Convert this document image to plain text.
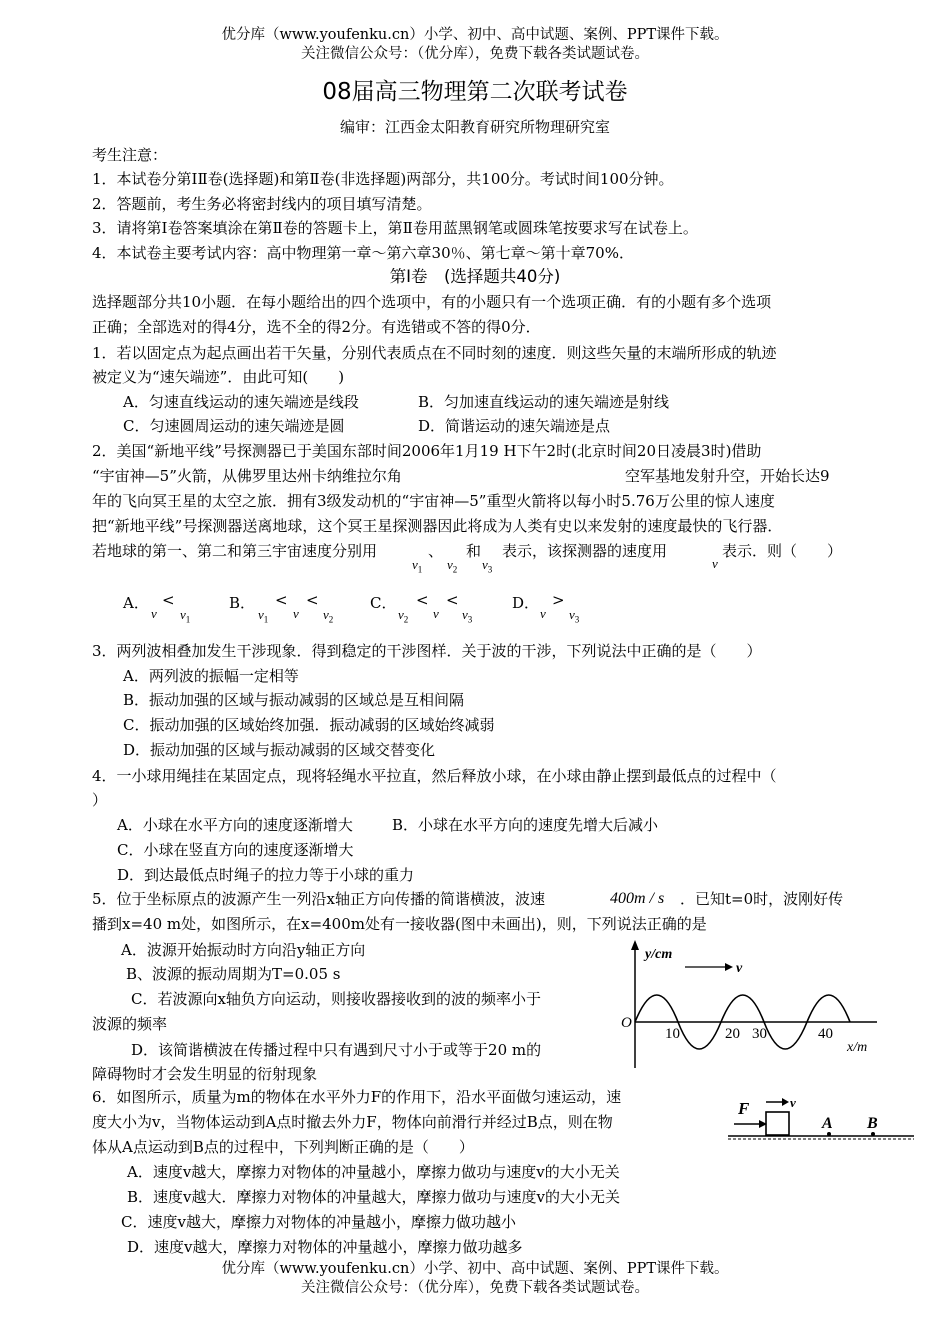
优分库（www.youfenku.cn）小学、初中、高中试题、案例、PPT课件下载。
关注微信公众号：（优分库），免费下载各类试题试卷。
08届高三物理第二次联考试卷
编审：江西金太阳教育研究所物理研究室
考生注意：
1．本试卷分第ⅠⅡ卷(选择题)和第Ⅱ卷(非选择题)两部分，共100分。考试时间100分钟。
2．答题前，考生务必将密封线内的项目填写清楚。
3．请将第Ⅰ卷答案填涂在第Ⅱ卷的答题卡上，第Ⅱ卷用蓝黑钢笔或圆珠笔按要求写在试卷上。
4．本试卷主要考试内容：高中物理第一章～第六章30％、第七章～第十章70%．
第Ⅰ卷　(选择题共40分)
选择题部分共10小题．在每小题给出的四个选项中，有的小题只有一个选项正确．有的小题有多个选项
正确；全部选对的得4分，选不全的得2分。有选错或不答的得0分．
1．若以固定点为起点画出若干矢量，分别代表质点在不同时刻的速度．则这些矢量的末端所形成的轨迹
被定义为“速矢端迹”．由此可知(　　)
A．匀速直线运动的速矢端迹是线段	B．匀加速直线运动的速矢端迹是射线
C．匀速圆周运动的速矢端迹是圆	D．简谐运动的速矢端迹是点
2．美国“新地平线”号探测器已于美国东部时间2006年1月19 H下午2时(北京时间20日凌晨3时)借助
“宇宙神—5”火箭，从佛罗里达州卡纳维拉尔角	空军基地发射升空，开始长达9
年的飞向冥王星的太空之旅．拥有3级发动机的“宇宙神—5”重型火箭将以每小时5.76万公里的惊人速度
把“新地平线”号探测器送离地球，这个冥王星探测器因此将成为人类有史以来发射的速度最快的飞行器．
若地球的第一、第二和第三宇宙速度分别用	、 和 表示，该探测器的速度用	表示．则（　　）
$v_1$ $v_2$ $v_3$	v
A．
v
<
$v_1$
B．
$v_1$
<
v
<
$v_2$
C．
$v_2$
<
v
<
$v_3$
D．
v
>
$v_3$
3．两列波相叠加发生干涉现象．得到稳定的干涉图样．关于波的干涉，下列说法中正确的是（　　）
A．两列波的振幅一定相等
B．振动加强的区域与振动减弱的区域总是互相间隔
C．振动加强的区域始终加强．振动减弱的区域始终减弱
D．振动加强的区域与振动减弱的区域交替变化
4．一小球用绳挂在某固定点，现将轻绳水平拉直，然后释放小球，在小球由静止摆到最低点的过程中（
）
A．小球在水平方向的速度逐渐增大	B．小球在水平方向的速度先增大后减小
C．小球在竖直方向的速度逐渐增大
D．到达最低点时绳子的拉力等于小球的重力
5．位于坐标原点的波源产生一列沿x轴正方向传播的简谐横波，波速	400m / s ．已知t=0时，波刚好传
播到x=40 m处，如图所示，在x=400m处有一接收器(图中未画出)，则，下列说法正确的是
A．波源开始振动时方向沿y轴正方向
B、波源的振动周期为T=0.05 s
C．若波源向x轴负方向运动，则接收器接收到的波的频率小于
波源的频率
D．该简谐横波在传播过程中只有遇到尺寸小于或等于20 m的
障碍物时才会发生明显的衍射现象
y/cm
v
O
10	20 30	40
x/m
6．如图所示，质量为m的物体在水平外力F的作用下，沿水平面做匀速运动，速
度大小为v，当物体运动到A点时撤去外力F，物体向前滑行并经过B点，则在物
体从A点运动到B点的过程中，下列判断正确的是（　　）
A．速度v越大，摩擦力对物体的冲量越小，摩擦力做功与速度v的大小无关
B．速度v越大．摩擦力对物体的冲量越大，摩擦力做功与速度v的大小无关
C．速度v越大，摩擦力对物体的冲量越小，摩擦力做功越小
D．速度v越大，摩擦力对物体的冲量越小，摩擦力做功越多
F	v
A B
优分库（www.youfenku.cn）小学、初中、高中试题、案例、PPT课件下载。
关注微信公众号：（优分库），免费下载各类试题试卷。
